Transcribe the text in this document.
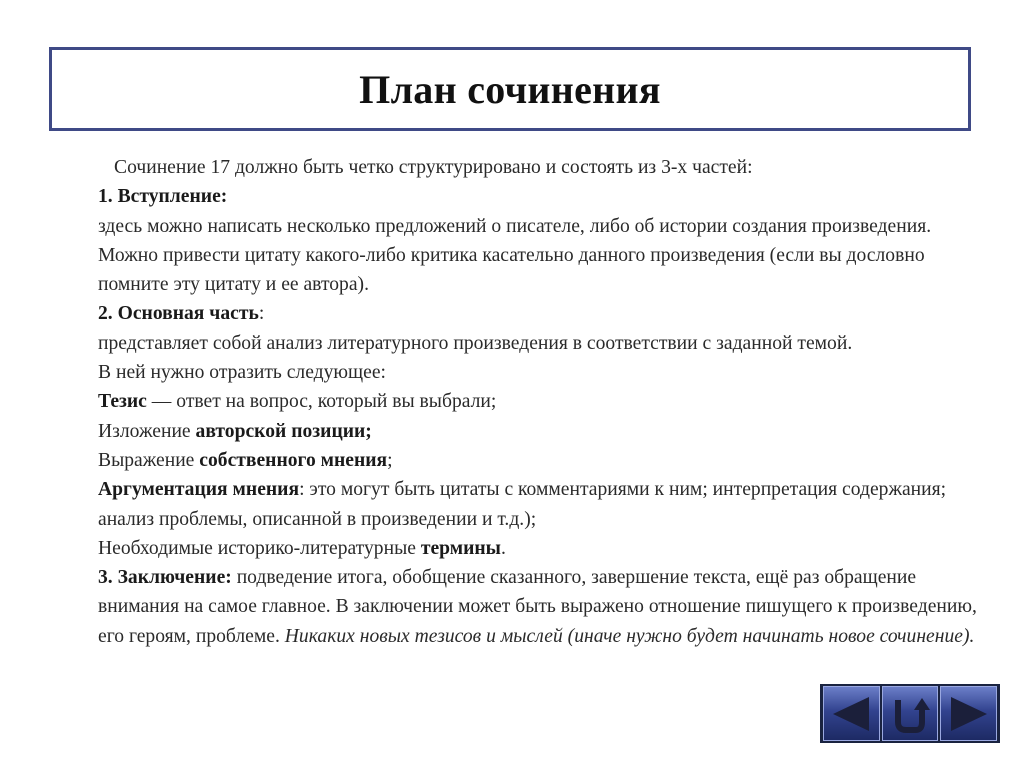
План сочинения

Сочинение 17 должно быть четко структурировано и состоять из 3-х частей:

1. Вступление:

здесь можно написать несколько предложений о писателе, либо об истории создания произведения. Можно привести цитату какого-либо критика касательно данного произведения (если вы дословно помните эту цитату и ее автора).

2. Основная часть:

представляет собой анализ литературного произведения в соответствии с заданной темой.

В ней нужно отразить следующее:

Тезис — ответ на вопрос, который вы выбрали;

Изложение авторской позиции;

Выражение собственного мнения;

Аргументация мнения: это могут быть цитаты с комментариями к ним; интерпретация содержания; анализ проблемы, описанной в произведении и т.д.);

Необходимые историко-литературные термины.

3. Заключение: подведение итога, обобщение сказанного, завершение текста, ещё раз обращение внимания на самое главное. В заключении может быть выражено отношение пишущего к произведению, его героям, проблеме. Никаких новых тезисов и мыслей (иначе нужно будет начинать новое сочинение).
